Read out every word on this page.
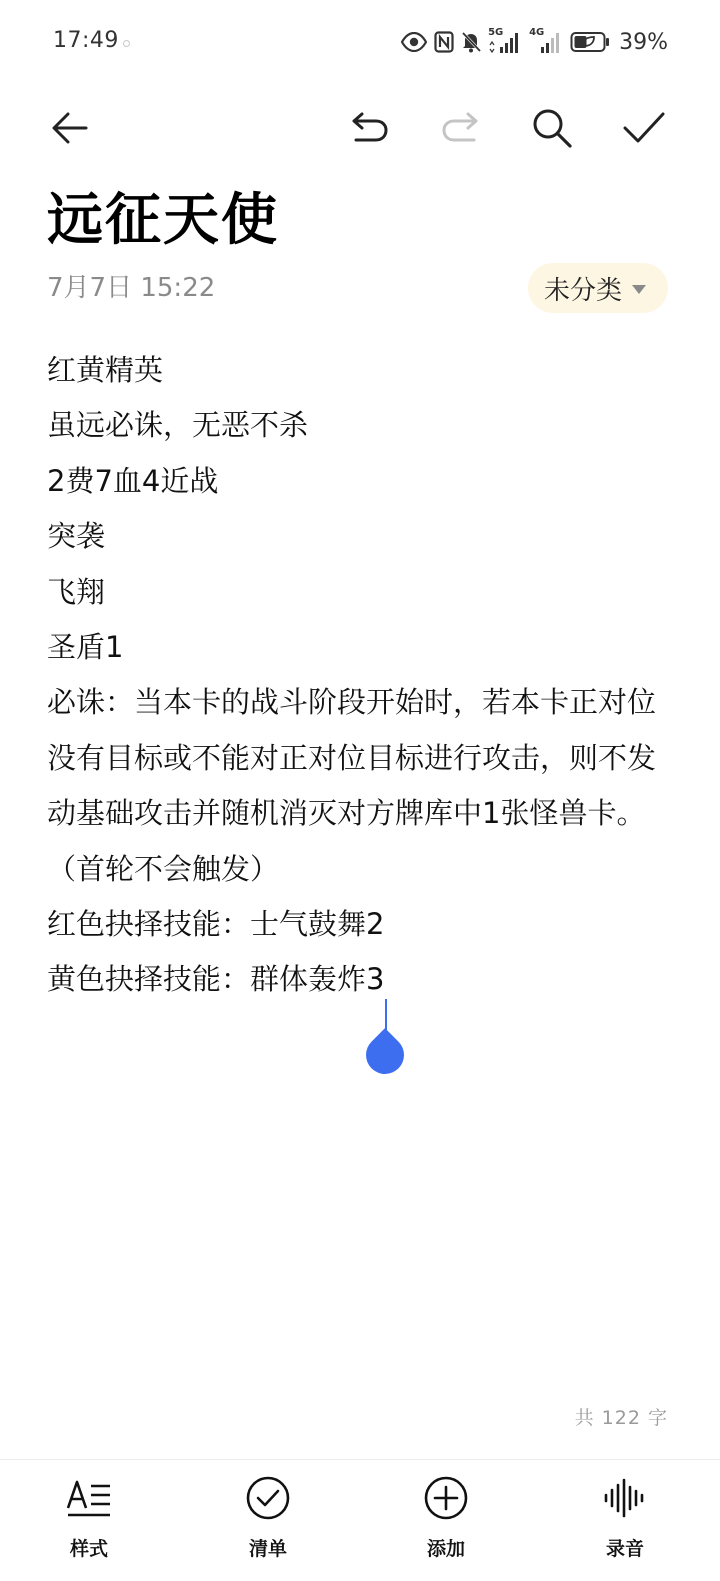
17:49	5G	4G	39%
远征天使
7月7日 15:22	未分类
红黄精英
虽远必诛，无恶不杀
2费7血4近战
突袭
飞翔
圣盾1
必诛：当本卡的战斗阶段开始时，若本卡正对位没有目标或不能对正对位目标进行攻击，则不发动基础攻击并随机消灭对方牌库中1张怪兽卡。（首轮不会触发）
红色抉择技能：士气鼓舞2
黄色抉择技能：群体轰炸3
共 122 字
样式	清单	添加	录音
